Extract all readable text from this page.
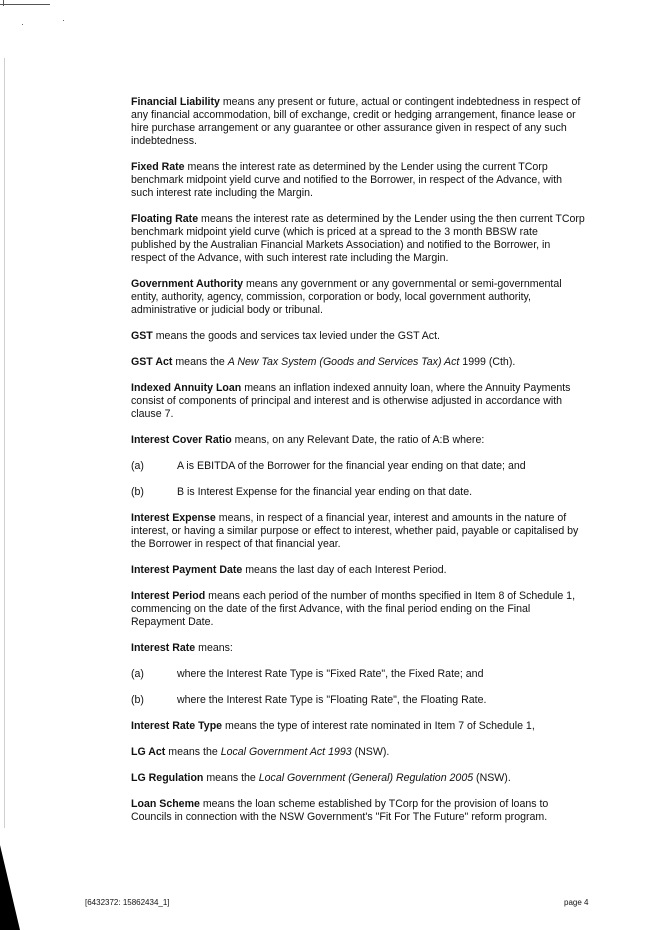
Financial Liability means any present or future, actual or contingent indebtedness in respect of any financial accommodation, bill of exchange, credit or hedging arrangement, finance lease or hire purchase arrangement or any guarantee or other assurance given in respect of any such indebtedness.

Fixed Rate means the interest rate as determined by the Lender using the current TCorp benchmark midpoint yield curve and notified to the Borrower, in respect of the Advance, with such interest rate including the Margin.

Floating Rate means the interest rate as determined by the Lender using the then current TCorp benchmark midpoint yield curve (which is priced at a spread to the 3 month BBSW rate published by the Australian Financial Markets Association) and notified to the Borrower, in respect of the Advance, with such interest rate including the Margin.

Government Authority means any government or any governmental or semi-governmental entity, authority, agency, commission, corporation or body, local government authority, administrative or judicial body or tribunal.

GST means the goods and services tax levied under the GST Act.

GST Act means the A New Tax System (Goods and Services Tax) Act 1999 (Cth).

Indexed Annuity Loan means an inflation indexed annuity loan, where the Annuity Payments consist of components of principal and interest and is otherwise adjusted in accordance with clause 7.

Interest Cover Ratio means, on any Relevant Date, the ratio of A:B where:

(a)	A is EBITDA of the Borrower for the financial year ending on that date; and
(b)	B is Interest Expense for the financial year ending on that date.

Interest Expense means, in respect of a financial year, interest and amounts in the nature of interest, or having a similar purpose or effect to interest, whether paid, payable or capitalised by the Borrower in respect of that financial year.

Interest Payment Date means the last day of each Interest Period.

Interest Period means each period of the number of months specified in Item 8 of Schedule 1, commencing on the date of the first Advance, with the final period ending on the Final Repayment Date.

Interest Rate means:

(a)	where the Interest Rate Type is "Fixed Rate", the Fixed Rate; and
(b)	where the Interest Rate Type is "Floating Rate", the Floating Rate.

Interest Rate Type means the type of interest rate nominated in Item 7 of Schedule 1,

LG Act means the Local Government Act 1993 (NSW).

LG Regulation means the Local Government (General) Regulation 2005 (NSW).

Loan Scheme means the loan scheme established by TCorp for the provision of loans to Councils in connection with the NSW Government's "Fit For The Future" reform program.

[6432372: 15862434_1]	page 4
